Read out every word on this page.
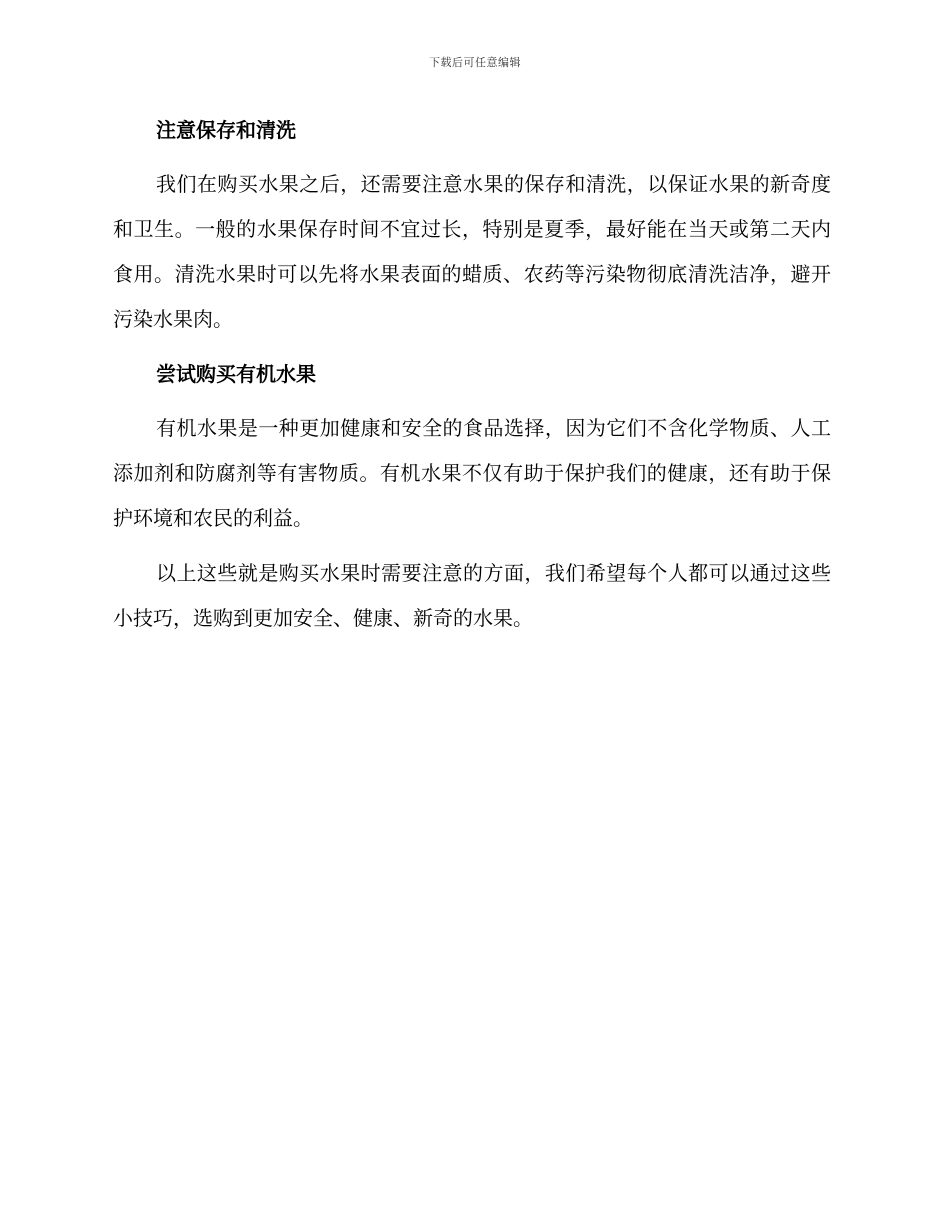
下载后可任意编辑
注意保存和清洗
我们在购买水果之后，还需要注意水果的保存和清洗，以保证水果的新奇度和卫生。一般的水果保存时间不宜过长，特别是夏季，最好能在当天或第二天内食用。清洗水果时可以先将水果表面的蜡质、农药等污染物彻底清洗洁净，避开污染水果肉。
尝试购买有机水果
有机水果是一种更加健康和安全的食品选择，因为它们不含化学物质、人工添加剂和防腐剂等有害物质。有机水果不仅有助于保护我们的健康，还有助于保护环境和农民的利益。
以上这些就是购买水果时需要注意的方面，我们希望每个人都可以通过这些小技巧，选购到更加安全、健康、新奇的水果。
